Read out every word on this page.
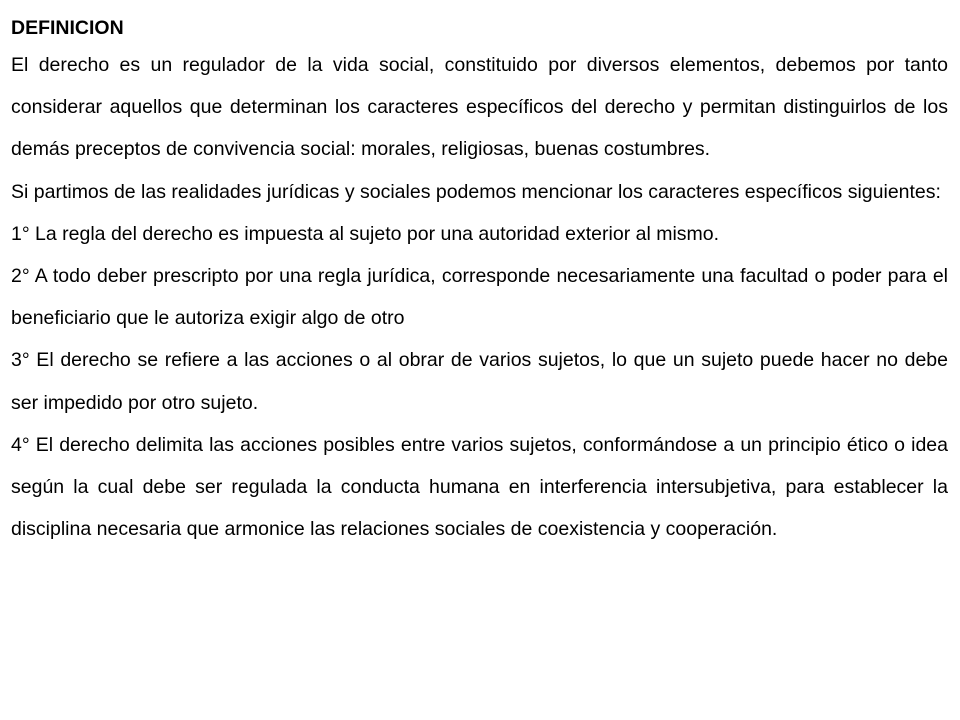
DEFINICION

El derecho es un regulador de la vida social, constituido por diversos elementos, debemos por tanto considerar aquellos que determinan los caracteres específicos del derecho y permitan distinguirlos de los demás preceptos de convivencia social: morales, religiosas, buenas costumbres.

Si partimos de las realidades jurídicas y sociales podemos mencionar los caracteres específicos siguientes:

1° La regla del derecho es impuesta al sujeto por una autoridad exterior al mismo.

2° A todo deber prescripto por una regla jurídica, corresponde necesariamente una facultad o poder para el beneficiario que le autoriza exigir algo de otro

3° El derecho se refiere a las acciones o al obrar de varios sujetos, lo que un sujeto puede hacer no debe ser impedido por otro sujeto.

4° El derecho delimita las acciones posibles entre varios sujetos, conformándose a un principio ético o idea según la cual debe ser regulada la conducta humana en interferencia intersubjetiva, para establecer la disciplina necesaria que armonice las relaciones sociales de coexistencia y cooperación.
